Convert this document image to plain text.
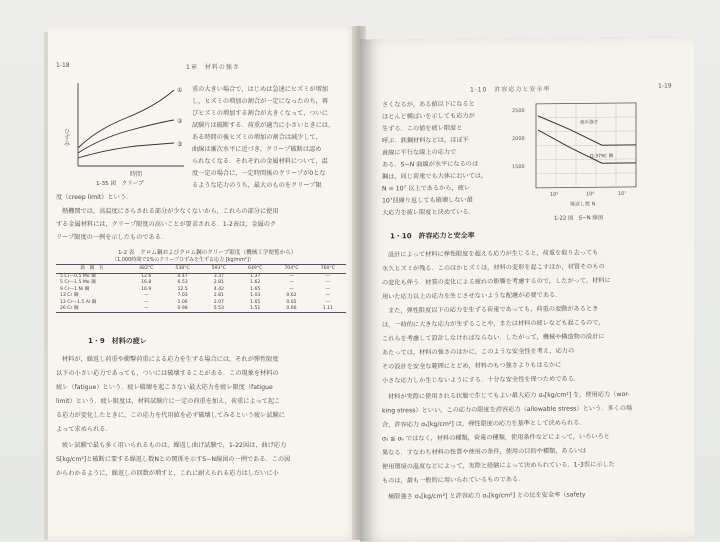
1-18	1章　材料の強さ
ひずみ
時間
①
②
③
1-35 図　クリープ
重の大きい場合で，はじめは急速にヒズミが増加
し，ヒズミの増加の割合が一定になったのち，再
びヒズミの増加する割合が大きくなって，ついに
試験片は破断する．荷重が適当に小さいときには，
ある時間の後ヒズミの増加の割合は減少して，
曲線は漸次水平に近づき，クリープ破断は認め
られなくなる．それぞれの金属材料について，温
度一定の場合に，一定時間後のクリープが0とな
るような応力のうち，最大のものをクリープ限
度（creep limit）という．
熱機関では，高温度にさらされる部分が少なくないから，これらの部分に使用
する金属材料には，クリープ限度の高いことが要求される．1-2表は，金属のク
リープ限度の一例を示したものである．
1-2 表　クロム鋼およびクロム鋼のクリープ限度（機械工学便覧から）
（1,000時間で1%のクリープひずみを生ずる応力 [kg/mm²]）
鉄　鋼　名	482°C	538°C	593°C	649°C	704°C	760°C
5 Cr—0.5 Mo 鋼	12.6	4.47	3.37	1.37	—	—
5 Cr—1.5 Mo 鋼	16.8	6.53	2.81	1.62	—	—
9 Cr—1 Ni 鋼	16.9	12.5	4.42	1.65	—	—
13 Cr 鋼	—	7.03	2.81	1.03	0.62	—
13 Cr—1.5 Al 鋼	—	1.06	2.07	1.65	0.65	—
26 Cr 鋼	—	0.98	5.53	1.51	0.66	1.11
1・9　材料の疲レ
材料が，繰返し荷重や衝撃荷重による応力を生ずる場合には，それが弾性限度
以下の小さい応力であっても，ついには破壊することがある．この現象を材料の
疲レ（fatigue）という．疲レ破壊を起こさない最大応力を疲レ限度（fatigue
limit）という．疲レ限度は，材料試験片に一定の荷重を加え，荷重によって起こ
る応力が変化したときに，この応力を代用値を必ず破壊してみるという疲レ試験に
よって求められる．
疲レ試験で最も多く用いられるものは，繰返し曲げ試験で，1-22図は，曲げ応力
S[kg/cm²]と破断に要する繰返し数Nとの関係を示すS−N線図の一例である．この図
からわかるように，繰返しの回数が増すと，これに耐えられる応力はしだいに小
1·10　許容応力と安全率	1-19
さくなるが，ある値以下になると
ほとんど横ばいを示しても応力が
生ずる．この値を疲レ限度と
呼ぶ．鉄鋼材料などは，ほぼ平
直線に平行な線上の応力で
ある．S−N 曲線が水平になるのは
鋼は，同じ荷重でも大体においては，
N = 10⁷ 以上であるから，疲レ
10⁷回繰り返しても破壊しない最
大応力を疲レ限度と決めている．
2500
2000
1500
10⁵	10⁶	10⁷
繰返し数 N
疲れ強さ
Q.379C 鋼
1-22 図　S−N 線図
1・10　許容応力と安全率
設計によって材料に弾性限度を超える応力が生じると，荷重を取り去っても
永久ヒズミが残る．このほかヒズミは，材料の変形を起こすほか，材質そのもの
の変化も伴う．材質の変化による疲れの影響を考慮するので，したがって，材料に
用いた応力以上の応力を生じさせないような配慮が必要である．
また，弾性限度以下の応力を生ずる荷重であっても，荷重の変動があるとき
は，一時的に大きな応力が生ずることや，または材料の疲レなども起こるので，
これらを考慮して設計しなければならない．したがって，機械や構造物の設計に
あたっては，材料の強さのほかに，このような安全性を考え，応力の
その設計を安全な範囲にとどめ，材料のもつ強さよりもはるかに
小さな応力しか生じないようにする．十分な安全性を保つためである．
材料が実際に使用される状態で生じてもよい最大応力 σₐ[kg/cm²] を，使用応力（wor-
king stress）といい，この応力の限度を許容応力（allowable stress）という．多くの場
合，許容応力 σₐ[kg/cm²] は，弾性限度の応力を基準として決められる．
σₐ ≦ σₑ ではなく，材料の種類，荷重の種類，使用条件などによって，いろいろと
異なる．すなわち材料の性質や使用の条件，使用の目的や種類，あるいは
使用環境の温度などによって，実際と経験によって決められている．1-3表に示した
ものは，最も一般的に用いられているものである．
極限強さ σᵤ[kg/cm²] と許容応力 σₐ[kg/cm²] との比を安全率（safety
